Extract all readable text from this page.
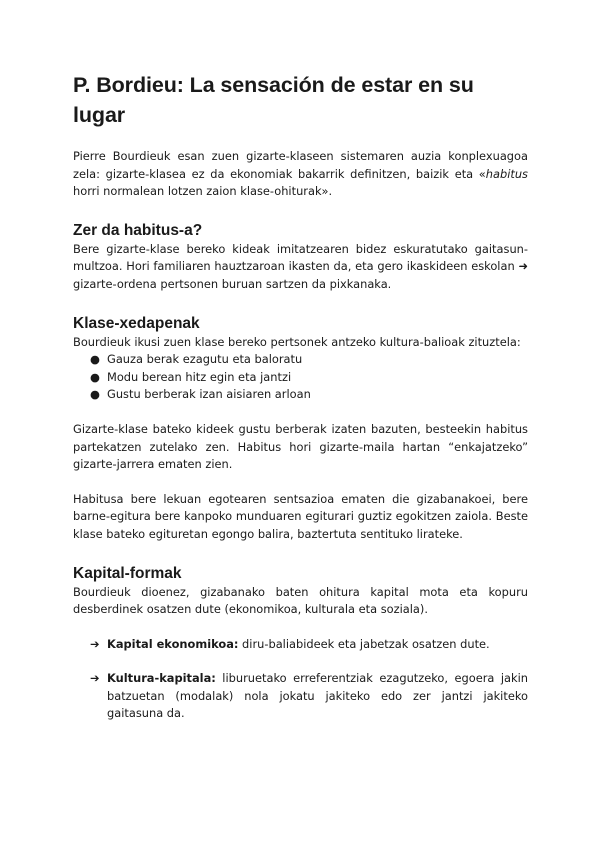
P. Bordieu: La sensación de estar en su lugar

Pierre Bourdieuk esan zuen gizarte-klaseen sistemaren auzia konplexuagoa zela: gizarte-klasea ez da ekonomiak bakarrik definitzen, baizik eta «habitus horri normalean lotzen zaion klase-ohiturak».

Zer da habitus-a?

Bere gizarte-klase bereko kideak imitatzearen bidez eskuratutako gaitasun-multzoa. Hori familiaren hauztzaroan ikasten da, eta gero ikaskideen eskolan ➜ gizarte-ordena pertsonen buruan sartzen da pixkanaka.

Klase-xedapenak

Bourdieuk ikusi zuen klase bereko pertsonek antzeko kultura-balioak zituztela:

● Gauza berak ezagutu eta baloratu
● Modu berean hitz egin eta jantzi
● Gustu berberak izan aisiaren arloan

Gizarte-klase bateko kideek gustu berberak izaten bazuten, besteekin habitus partekatzen zutelako zen. Habitus hori gizarte-maila hartan “enkajatzeko” gizarte-jarrera ematen zien.

Habitusa bere lekuan egotearen sentsazioa ematen die gizabanakoei, bere barne-egitura bere kanpoko munduaren egiturari guztiz egokitzen zaiola. Beste klase bateko egituretan egongo balira, baztertuta sentituko lirateke.

Kapital-formak

Bourdieuk dioenez, gizabanako baten ohitura kapital mota eta kopuru desberdinek osatzen dute (ekonomikoa, kulturala eta soziala).

➔ Kapital ekonomikoa: diru-baliabideek eta jabetzak osatzen dute.
➔ Kultura-kapitala: liburuetako erreferentziak ezagutzeko, egoera jakin batzuetan (modalak) nola jokatu jakiteko edo zer jantzi jakiteko gaitasuna da.
